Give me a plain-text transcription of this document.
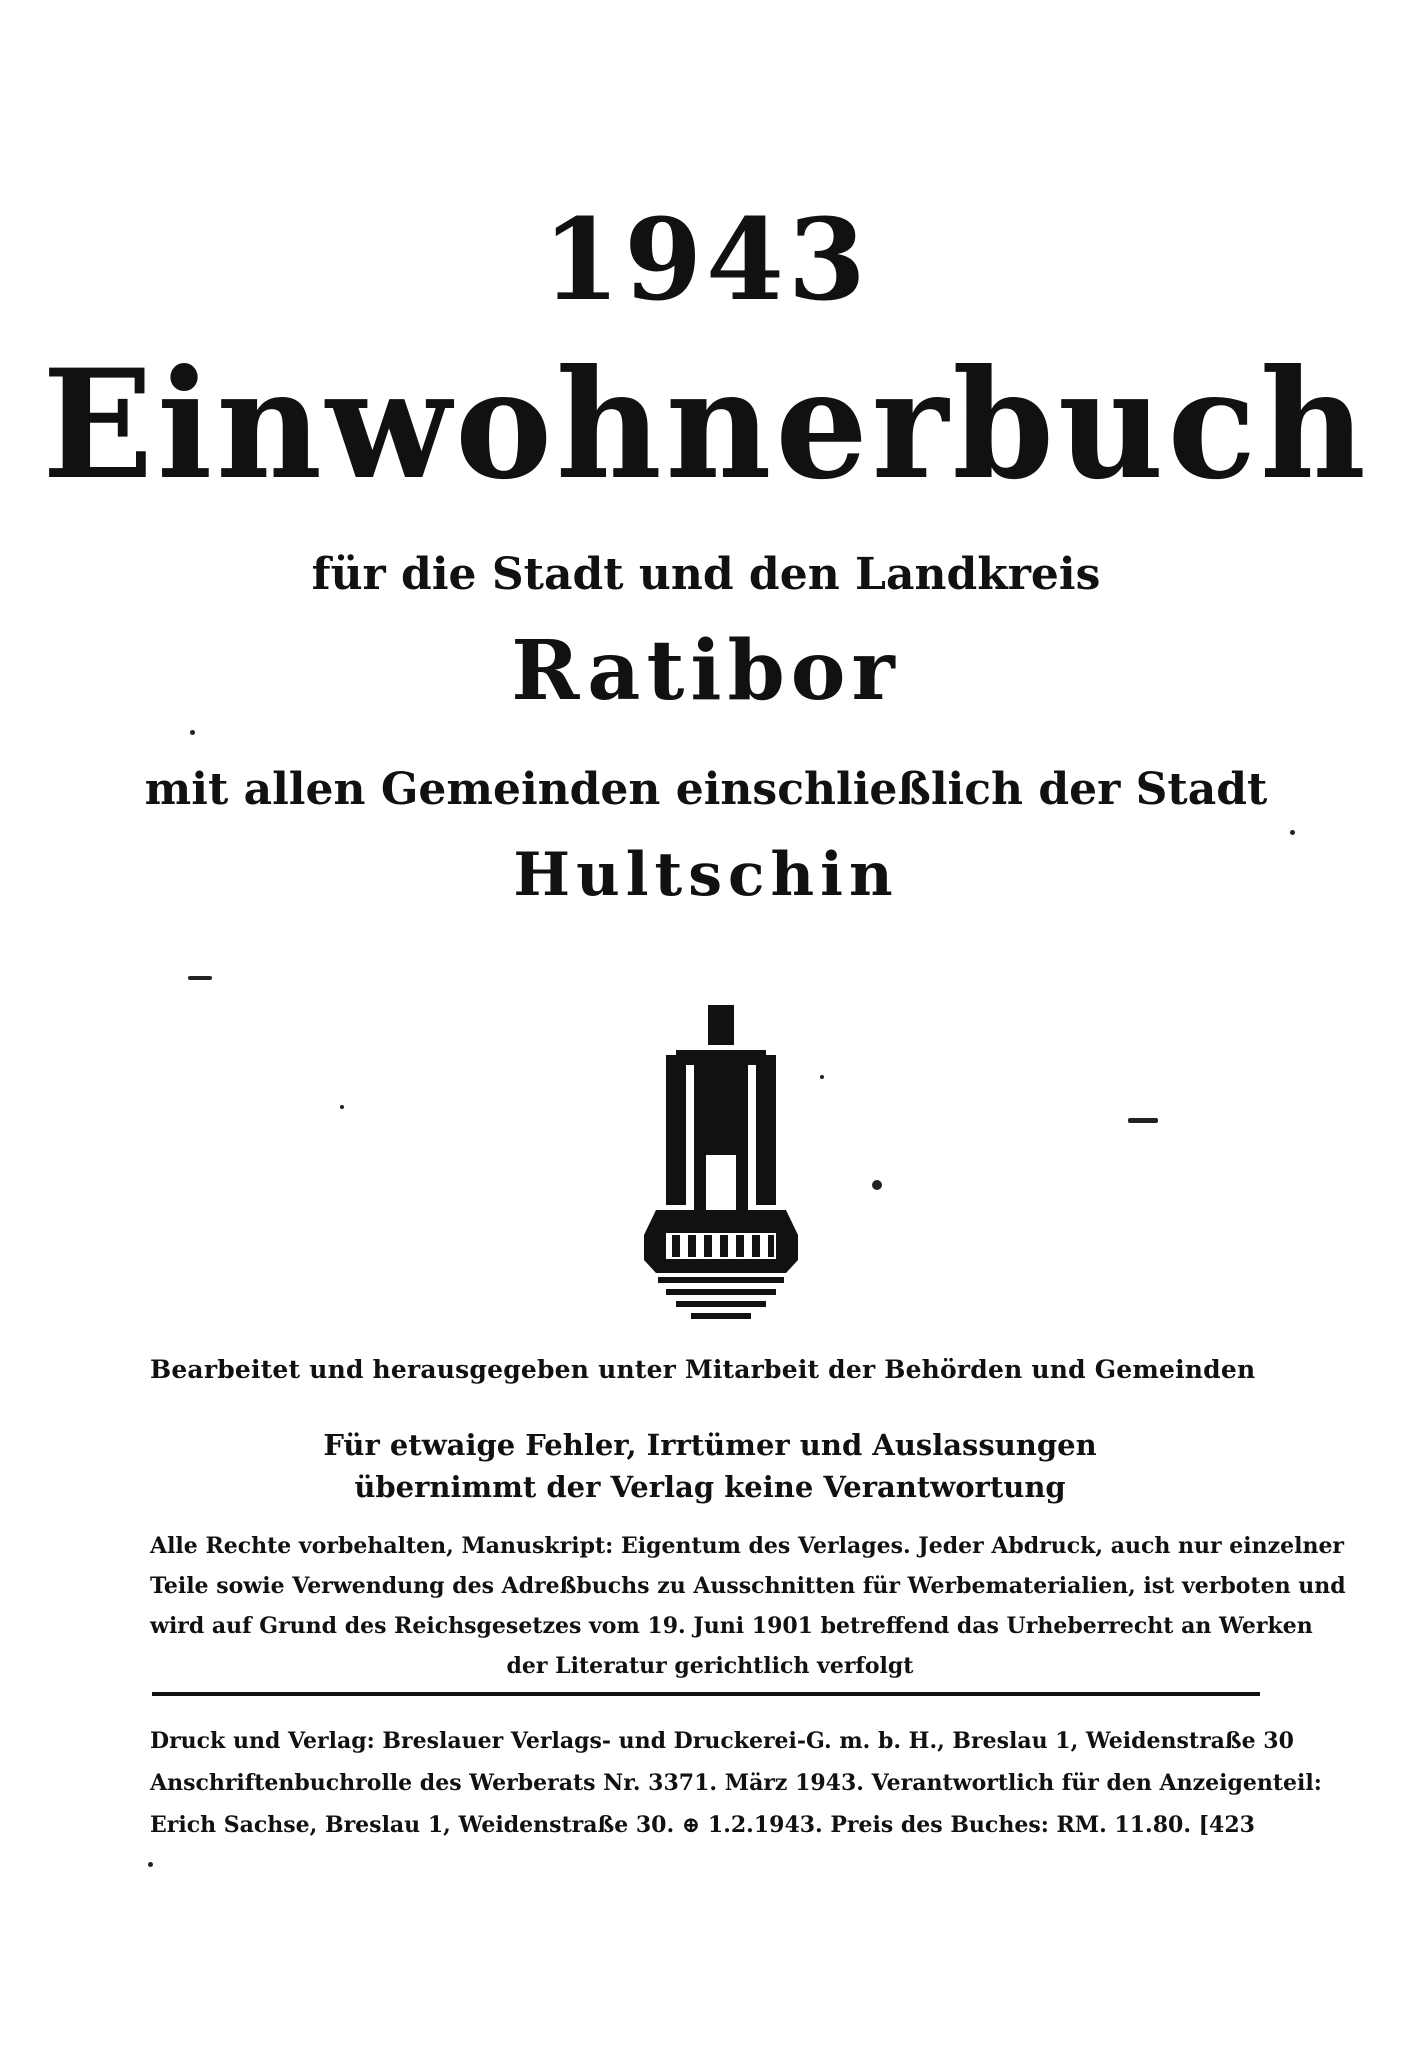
1943
Einwohnerbuch
für die Stadt und den Landkreis
Ratibor
mit allen Gemeinden einschließlich der Stadt
Hultschin
Bearbeitet und herausgegeben unter Mitarbeit der Behörden und Gemeinden
Für etwaige Fehler, Irrtümer und Auslassungen
übernimmt der Verlag keine Verantwortung
Alle Rechte vorbehalten, Manuskript: Eigentum des Verlages. Jeder Abdruck, auch nur einzelner
Teile sowie Verwendung des Adreßbuchs zu Ausschnitten für Werbematerialien, ist verboten und
wird auf Grund des Reichsgesetzes vom 19. Juni 1901 betreffend das Urheberrecht an Werken
der Literatur gerichtlich verfolgt
Druck und Verlag: Breslauer Verlags- und Druckerei-G. m. b. H., Breslau 1, Weidenstraße 30
Anschriftenbuchrolle des Werberats Nr. 3371. März 1943. Verantwortlich für den Anzeigenteil:
Erich Sachse, Breslau 1, Weidenstraße 30. ⊕ 1.2.1943. Preis des Buches: RM. 11.80. [423
